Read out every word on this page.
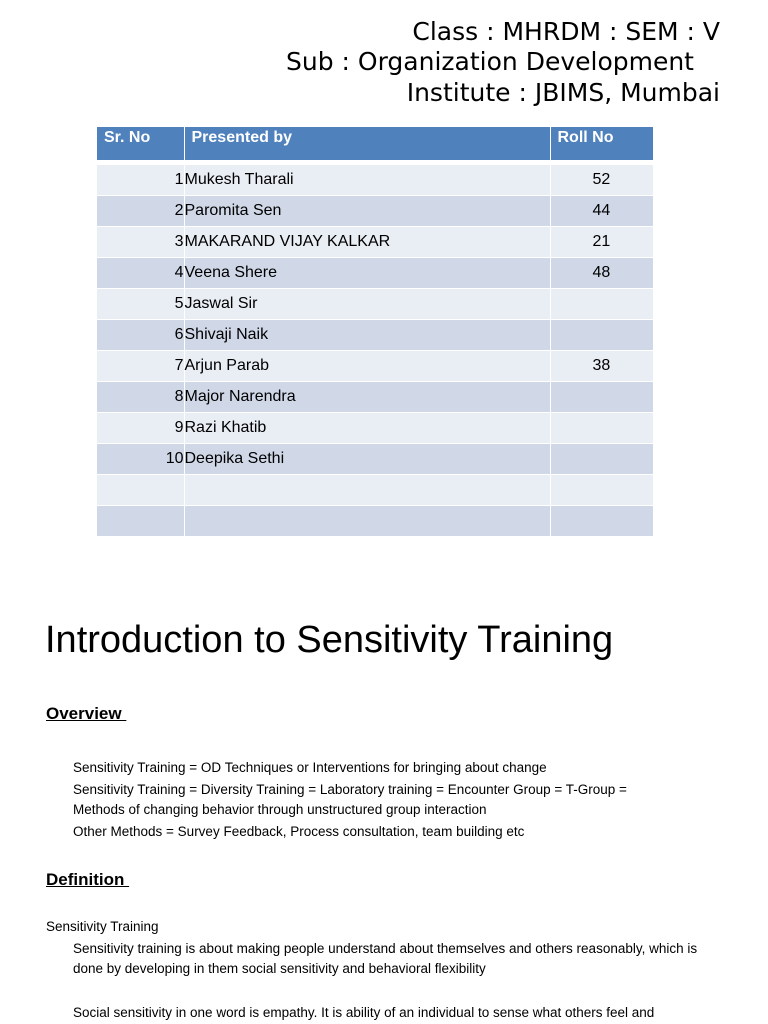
Class : MHRDM : SEM : V
Sub : Organization Development
Institute : JBIMS, Mumbai
Sr. No	Presented by	Roll No

1	Mukesh Tharali	52
2	Paromita Sen	44
3	MAKARAND VIJAY KALKAR	21
4	Veena Shere	48
5	Jaswal Sir	
6	Shivaji Naik	
7	Arjun Parab	38
8	Major Narendra	
9	Razi Khatib	
10	Deepika Sethi	

Introduction to Sensitivity Training
Overview
Sensitivity Training = OD Techniques or Interventions for bringing about change
Sensitivity Training = Diversity Training = Laboratory training = Encounter Group = T-Group = Methods of changing behavior through unstructured group interaction
Other Methods = Survey Feedback, Process consultation, team building etc
Definition
Sensitivity Training
Sensitivity training is about making people understand about themselves and others reasonably, which is done by developing in them social sensitivity and behavioral flexibility
Social sensitivity in one word is empathy. It is ability of an individual to sense what others feel and
